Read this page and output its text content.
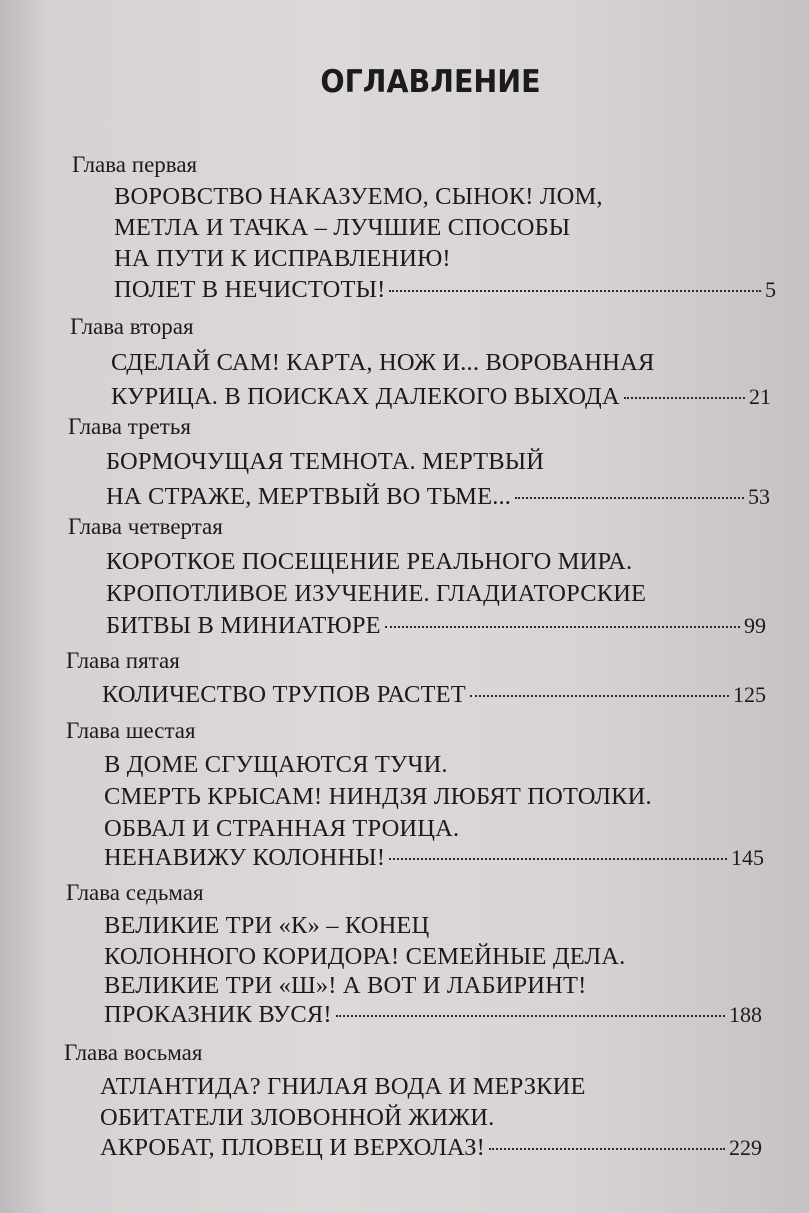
ОГЛАВЛЕНИЕ
Глава первая
ВОРОВСТВО НАКАЗУЕМО, СЫНОК! ЛОМ,
МЕТЛА И ТАЧКА – ЛУЧШИЕ СПОСОБЫ
НА ПУТИ К ИСПРАВЛЕНИЮ!
ПОЛЕТ В НЕЧИСТОТЫ!	5
Глава вторая
СДЕЛАЙ САМ! КАРТА, НОЖ И... ВОРОВАННАЯ
КУРИЦА. В ПОИСКАХ ДАЛЕКОГО ВЫХОДА	21
Глава третья
БОРМОЧУЩАЯ ТЕМНОТА. МЕРТВЫЙ
НА СТРАЖЕ, МЕРТВЫЙ ВО ТЬМЕ...	53
Глава четвертая
КОРОТКОЕ ПОСЕЩЕНИЕ РЕАЛЬНОГО МИРА.
КРОПОТЛИВОЕ ИЗУЧЕНИЕ. ГЛАДИАТОРСКИЕ
БИТВЫ В МИНИАТЮРЕ	99
Глава пятая
КОЛИЧЕСТВО ТРУПОВ РАСТЕТ	125
Глава шестая
В ДОМЕ СГУЩАЮТСЯ ТУЧИ.
СМЕРТЬ КРЫСАМ! НИНДЗЯ ЛЮБЯТ ПОТОЛКИ.
ОБВАЛ И СТРАННАЯ ТРОИЦА.
НЕНАВИЖУ КОЛОННЫ!	145
Глава седьмая
ВЕЛИКИЕ ТРИ «К» – КОНЕЦ
КОЛОННОГО КОРИДОРА! СЕМЕЙНЫЕ ДЕЛА.
ВЕЛИКИЕ ТРИ «Ш»! А ВОТ И ЛАБИРИНТ!
ПРОКАЗНИК ВУСЯ!	188
Глава восьмая
АТЛАНТИДА? ГНИЛАЯ ВОДА И МЕРЗКИЕ
ОБИТАТЕЛИ ЗЛОВОННОЙ ЖИЖИ.
АКРОБАТ, ПЛОВЕЦ И ВЕРХОЛАЗ!	229
